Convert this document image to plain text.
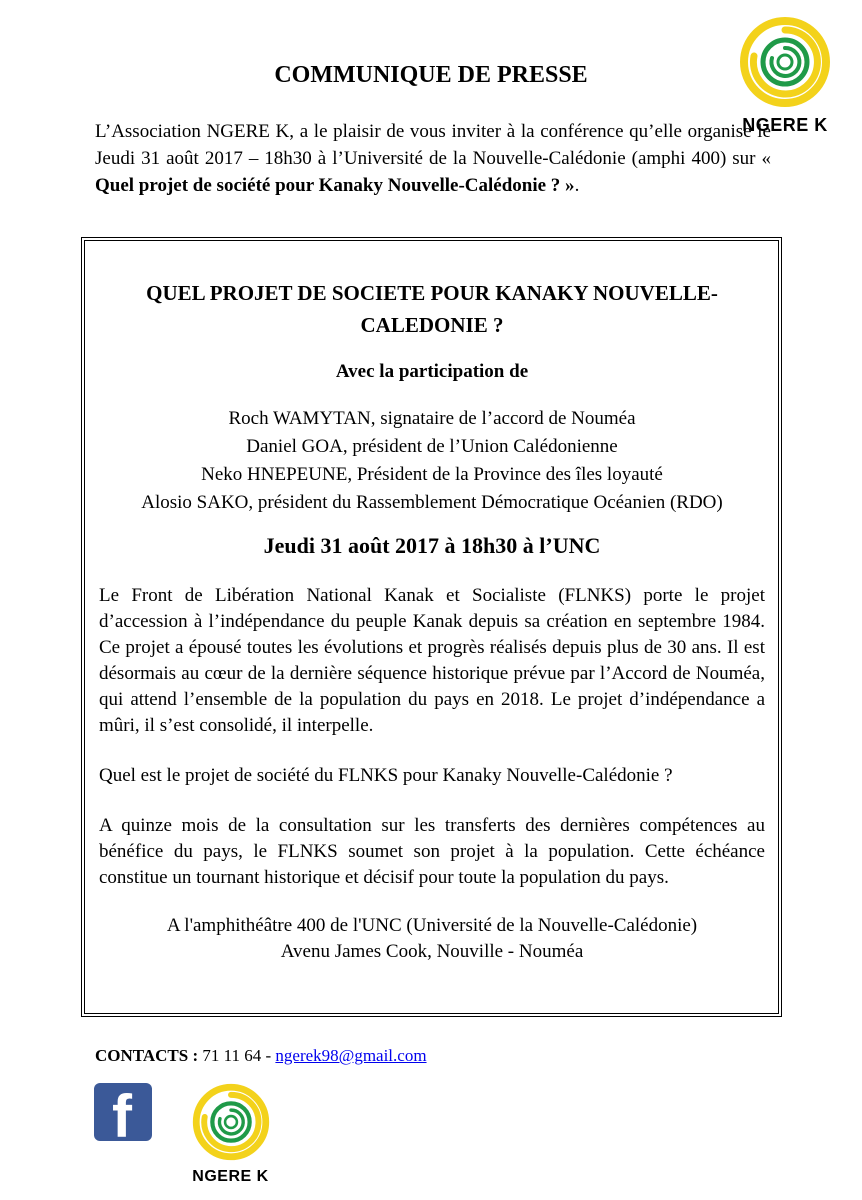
COMMUNIQUE DE PRESSE
NGERE K
L’Association NGERE K, a le plaisir de vous inviter à la conférence qu’elle organise le Jeudi 31 août 2017 – 18h30 à l’Université de la Nouvelle-Calédonie (amphi 400) sur « Quel projet de société pour Kanaky Nouvelle-Calédonie ? ».

QUEL PROJET DE SOCIETE POUR KANAKY NOUVELLE-CALEDONIE ?

Avec la participation de
Roch WAMYTAN, signataire de l’accord de Nouméa
Daniel GOA, président de l’Union Calédonienne
Neko HNEPEUNE, Président de la Province des îles loyauté
Alosio SAKO, président du Rassemblement Démocratique Océanien (RDO)
Jeudi 31 août 2017 à 18h30 à l’UNC

Le Front de Libération National Kanak et Socialiste (FLNKS) porte le projet d’accession à l’indépendance du peuple Kanak depuis sa création en septembre 1984. Ce projet a épousé toutes les évolutions et progrès réalisés depuis plus de 30 ans. Il est désormais au cœur de la dernière séquence historique prévue par l’Accord de Nouméa, qui attend l’ensemble de la population du pays en 2018. Le projet d’indépendance a mûri, il s’est consolidé, il interpelle.

Quel est le projet de société du FLNKS pour Kanaky Nouvelle-Calédonie ?

A quinze mois de la consultation sur les transferts des dernières compétences au bénéfice du pays, le FLNKS soumet son projet à la population. Cette échéance constitue un tournant historique et décisif pour toute la population du pays.

A l'amphithéâtre 400 de l'UNC (Université de la Nouvelle-Calédonie)
Avenu James Cook, Nouville - Nouméa
CONTACTS : 71 11 64 - ngerek98@gmail.com
f
NGERE K
